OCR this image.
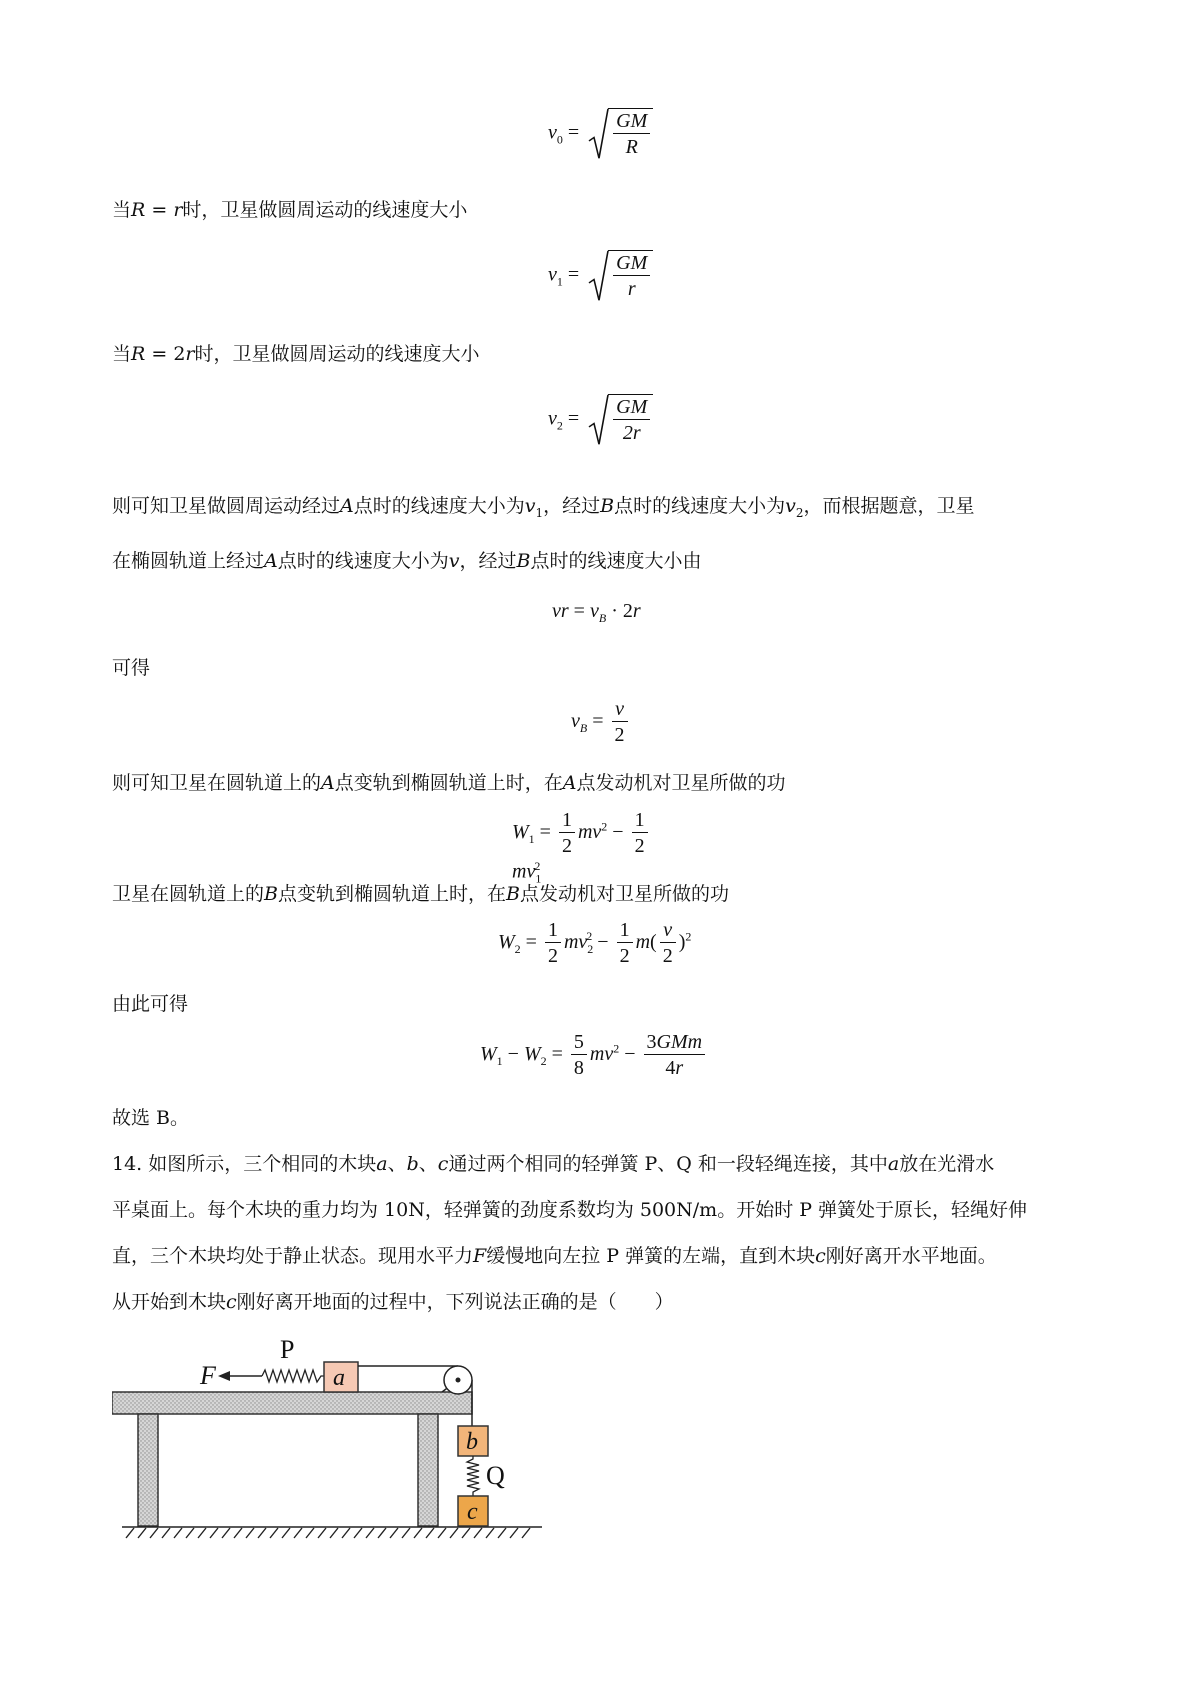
$v_0 = \frac{GM}{R}$
当R = r时，卫星做圆周运动的线速度大小
$v_1 = \frac{GM}{r}$
当R = 2r时，卫星做圆周运动的线速度大小
$v_2 = \frac{GM}{2r}$
则可知卫星做圆周运动经过A点时的线速度大小为$v_1$，经过B点时的线速度大小为$v_2$，而根据题意，卫星
在椭圆轨道上经过A点时的线速度大小为v，经过B点时的线速度大小由
vr = $v_B \cdot 2r$
可得
$v_B = \frac{v}{2}$
则可知卫星在圆轨道上的A点变轨到椭圆轨道上时，在A点发动机对卫星所做的功
$W_1 = \frac{1}{2} mv^2 - \frac{1}{2}$
$mv_1^2$
卫星在圆轨道上的B点变轨到椭圆轨道上时，在B点发动机对卫星所做的功
$W_2 = \frac{1}{2} mv_2^2 - \frac{1}{2} m( \frac{v}{2} )^2$
由此可得
$W_1 - W_2 = \frac{5}{8} mv^2 - \frac{\text{3GMm}}{4r}$
故选 B。
14. 如图所示，三个相同的木块a、b、c通过两个相同的轻弹簧 P、Q 和一段轻绳连接，其中a放在光滑水
平桌面上。每个木块的重力均为 10N，轻弹簧的劲度系数均为 500N/m。开始时 P 弹簧处于原长，轻绳好伸
直，三个木块均处于静止状态。现用水平力F缓慢地向左拉 P 弹簧的左端，直到木块c刚好离开水平地面。
从开始到木块c刚好离开地面的过程中，下列说法正确的是（　　）
F
P
a
b
Q
c
